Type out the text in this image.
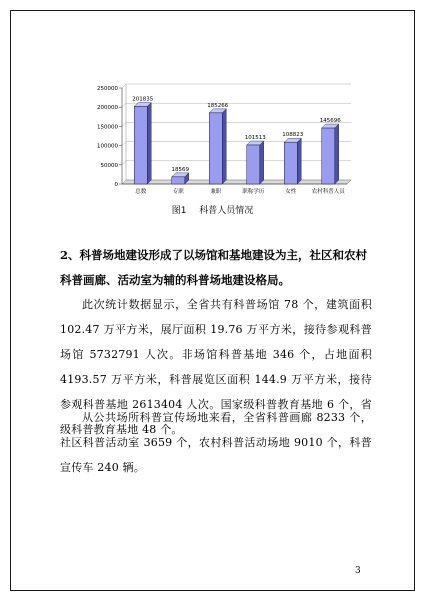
0
50000
100000
150000
200000
250000
201835
总数
18569
专职
185266
兼职
101513
职称学历
108823
女性
145696
农村科普人员
图1 科普人员情况

2、科普场地建设形成了以场馆和基地建设为主，社区和农村科普画廊、活动室为辅的科普场地建设格局。

此次统计数据显示，全省共有科普场馆 78 个，建筑面积 102.47 万平方米，展厅面积 19.76 万平方米，接待参观科普场馆 5732791 人次。非场馆科普基地 346 个，占地面积 4193.57 万平方米，科普展览区面积 144.9 万平方米，接待参观科普基地 2613404 人次。国家级科普教育基地 6 个，省级科普教育基地 48 个。

从公共场所科普宣传场地来看，全省科普画廊 8233 个，社区科普活动室 3659 个，农村科普活动场地 9010 个，科普宣传车 240 辆。

3
